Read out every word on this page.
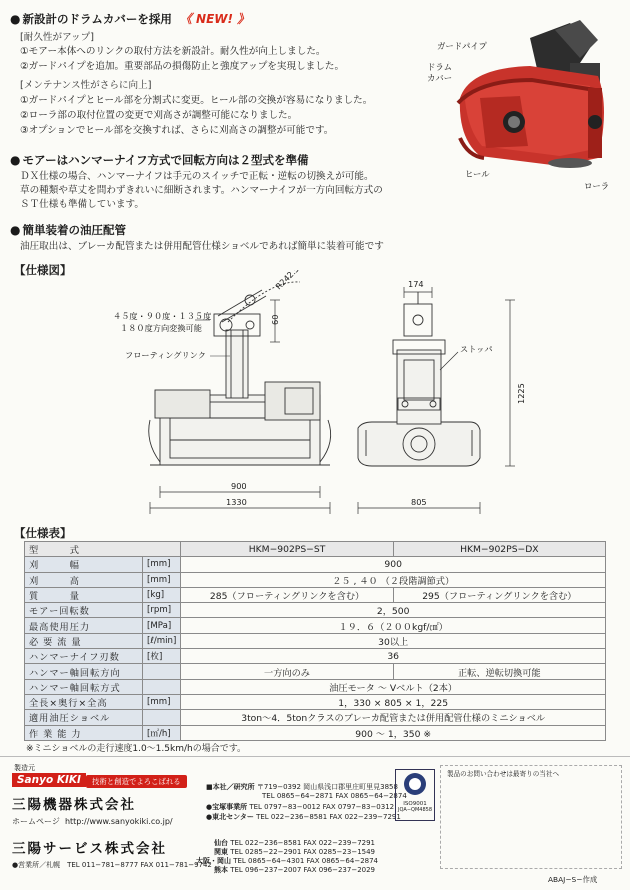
● 新設計のドラムカバーを採用 《 NEW! 》
[耐久性がアップ]
①モアー本体へのリンクの取付方法を新設計。耐久性が向上しました。
②ガードパイプを追加。重要部品の損傷防止と強度アップを実現しました。
[メンテナンス性がさらに向上]
①ガードパイプとヒール部を分割式に変更。ヒール部の交換が容易になりました。
②ローラ部の取付位置の変更で刈高さが調整可能になりました。
③オプションでヒール部を交換すれば、さらに刈高さの調整が可能です。
ガードパイプ
ドラム
カバー
ヒール
ローラ
● モアーはハンマーナイフ方式で回転方向は２型式を準備
ＤＸ仕様の場合、ハンマーナイフは手元のスイッチで正転・逆転の切換えが可能。
草の種類や草丈を問わずきれいに細断されます。ハンマーナイフが一方向回転方式の
ＳＴ仕様も準備しています。
● 簡単装着の油圧配管
油圧取出は、ブレーカ配管または併用配管仕様ショベルであれば簡単に装着可能です
【仕様図】
900
1330
R242.5
60
174
1225
805
４５度・９０度・１３５度
１８０度方向変換可能
フローティングリンク
ストッパ
【仕様表】
型　　　式		HKM−902PS−ST	HKM−902PS−DX
刈　　　幅	[mm]	900	
刈　　　高	[mm]	２５ , ４０ （２段階調節式）	
質　　　量	[kg]	285（フローティングリンクを含む）	295（フローティングリンクを含む）
モアー回転数	[rpm]	2，500	
最高使用圧力	[MPa]	１９．６（２００kgf/㎠）	
必 要 流 量	[ℓ/min]	30以上	
ハンマーナイフ刃数	[枚]	36	
ハンマー軸回転方向		一方向のみ	正転、逆転切換可能
ハンマー軸回転方式		油圧モータ 〜 Vベルト（2本）	
全長×奥行×全高	[mm]	1，330 × 805 × 1，225	
適用油圧ショベル		3ton〜4．5tonクラスのブレーカ配管または併用配管仕様のミニショベル	
作 業 能 力	[㎡/h]	900 〜 1，350 ※	
※ミニショベルの走行速度1.0〜1.5km/hの場合です。
製造元
Sanyo KIKI	技術と創造でよろこばれる
三陽機器株式会社
ホームページ http://www.sanyokiki.co.jp/
三陽サービス株式会社
●営業所／札幌　TEL 011−781−8777 FAX 011−781−9742
■本社／研究所 〒719−0392 岡山県浅口郡里庄町里見3858
TEL 0865−64−2871 FAX 0865−64−2874
●宝塚事業所 TEL 0797−83−0012 FAX 0797−83−0312
●東北センター TEL 022−236−8581 FAX 022−239−7291
仙台 TEL 022−236−8581 FAX 022−239−7291
関東 TEL 0285−22−2901 FAX 0285−23−1549
大阪・岡山 TEL 0865−64−4301 FAX 0865−64−2874
熊本 TEL 096−237−2007 FAX 096−237−2029
ISO9001
JQA−QM4858
製品のお問い合わせは最寄りの当社へ
ABAJ−S−作成
